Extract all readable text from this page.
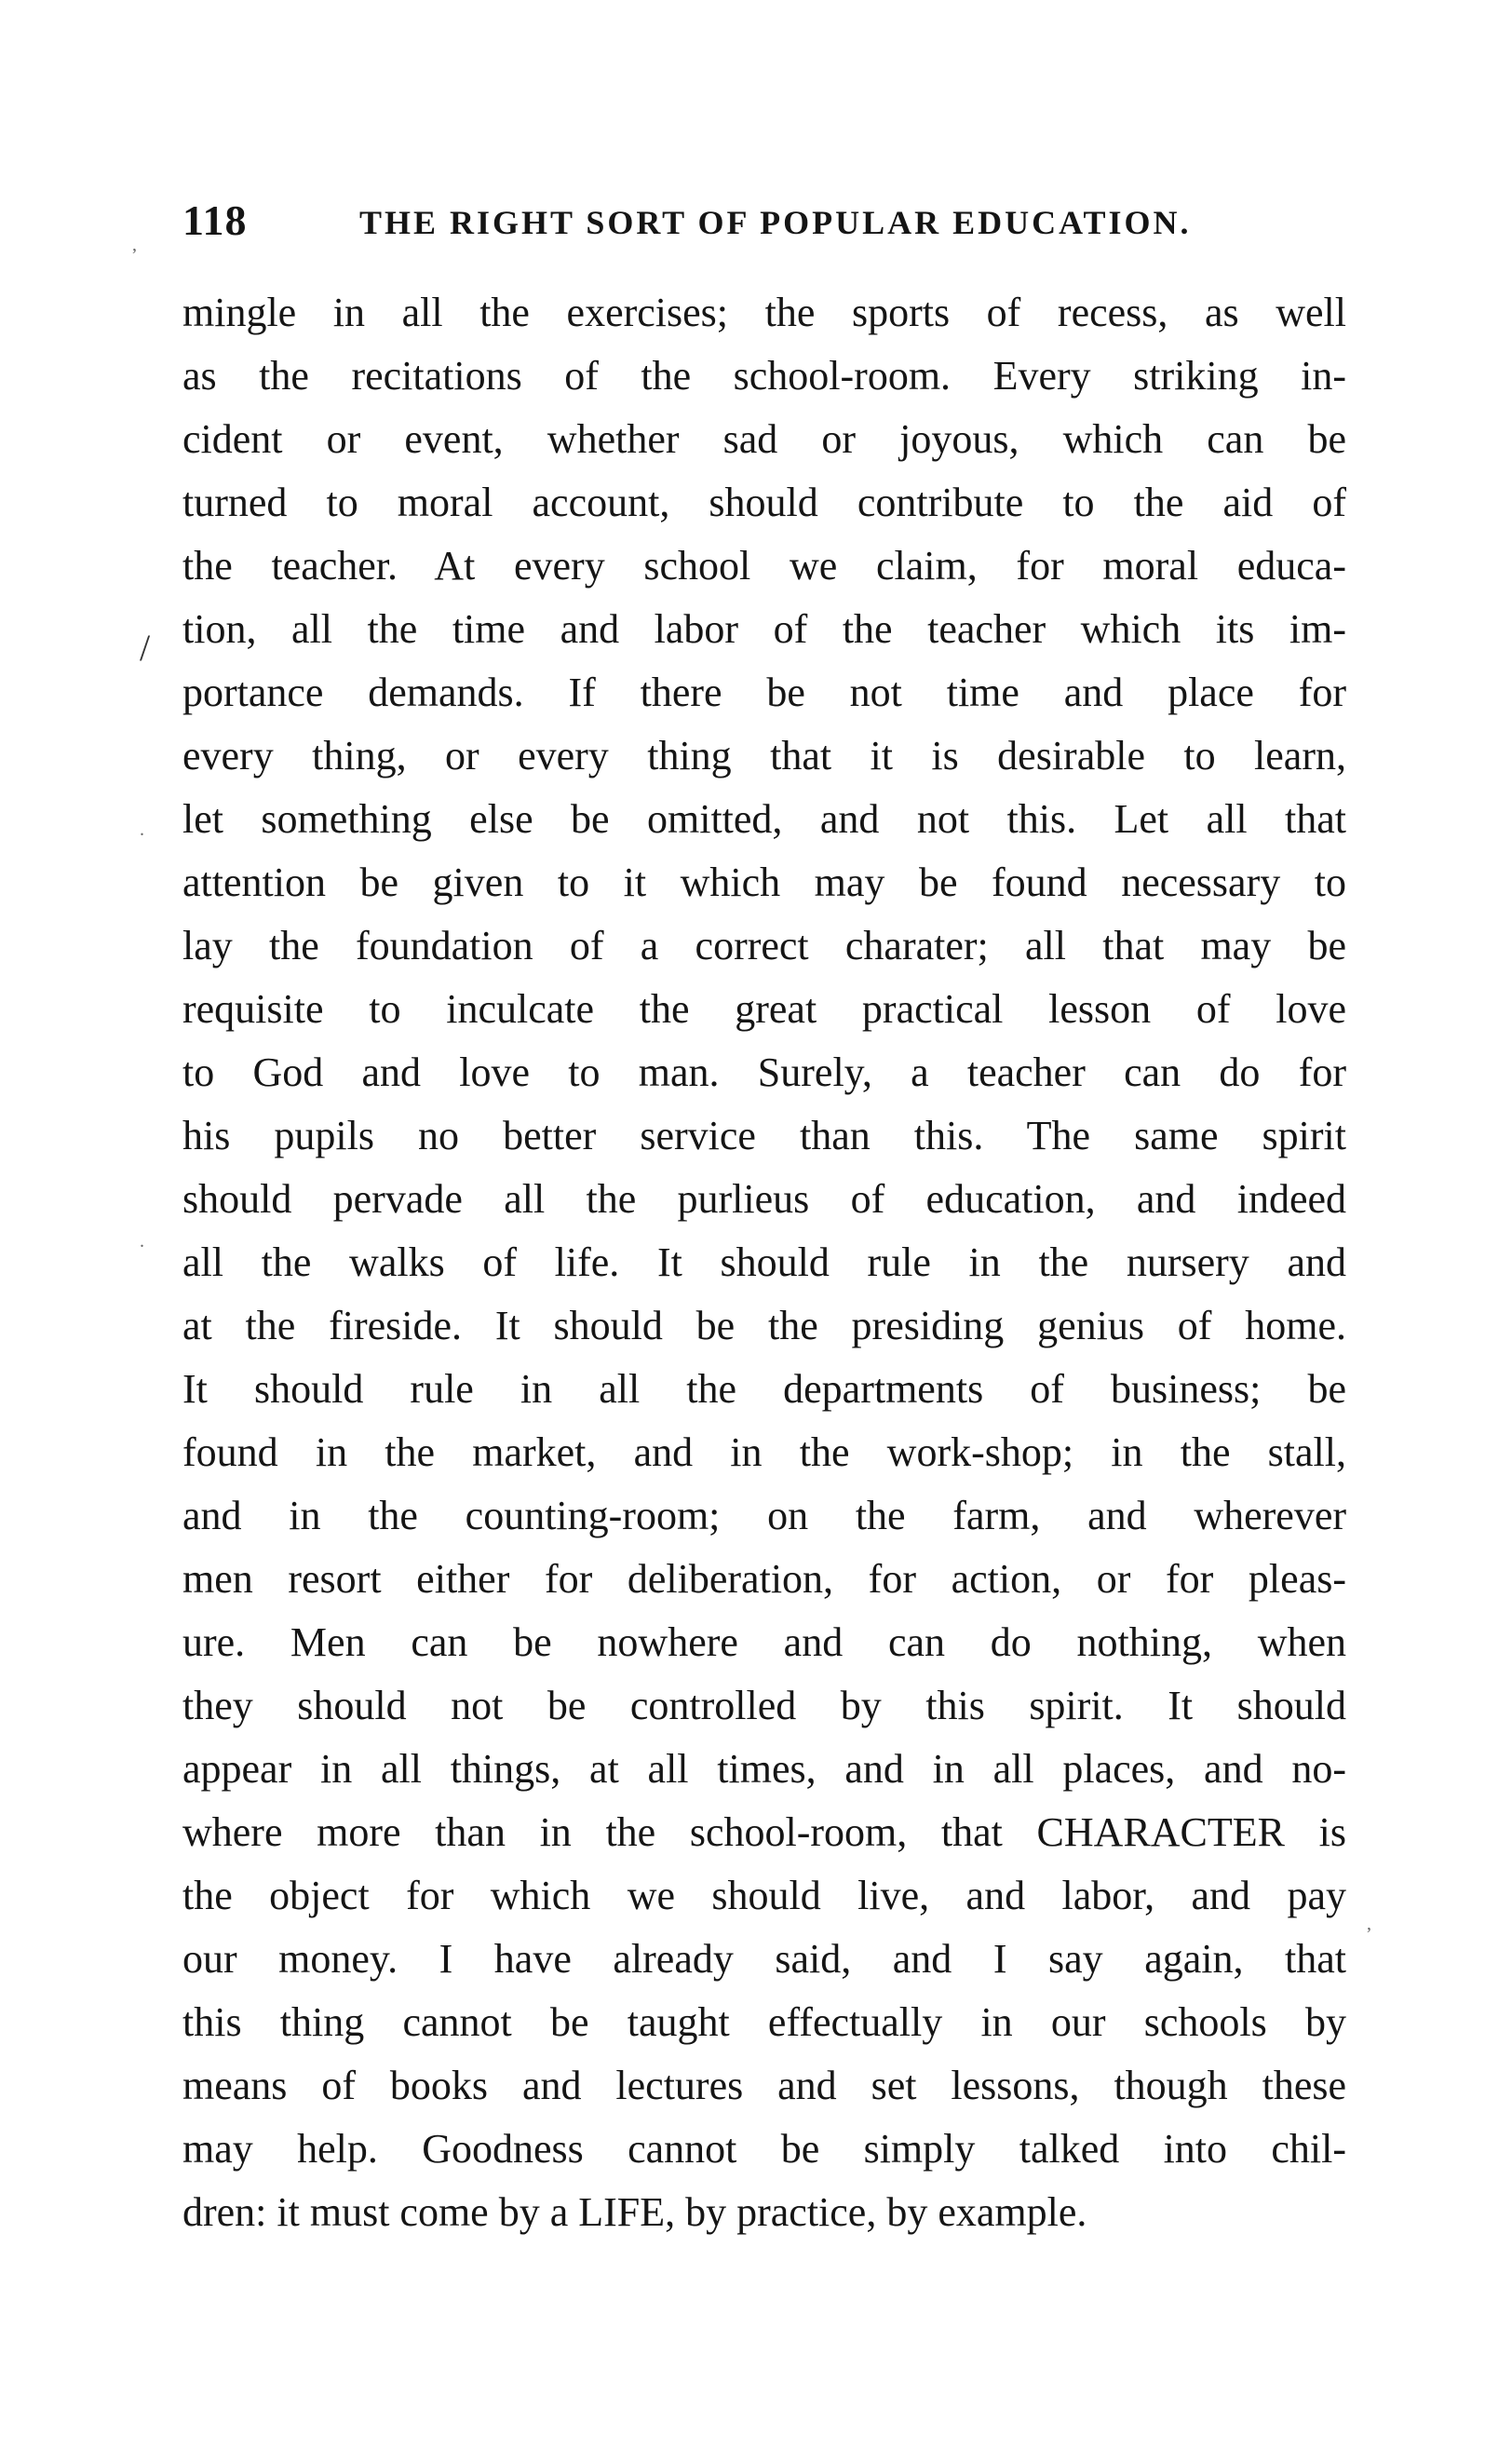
118	THE RIGHT SORT OF POPULAR EDUCATION.
/
mingle in all the exercises; the sports of recess, as well
as the recitations of the school-room. Every striking in-
cident or event, whether sad or joyous, which can be
turned to moral account, should contribute to the aid of
the teacher. At every school we claim, for moral educa-
tion, all the time and labor of the teacher which its im-
portance demands. If there be not time and place for
every thing, or every thing that it is desirable to learn,
let something else be omitted, and not this. Let all that
attention be given to it which may be found necessary to
lay the foundation of a correct charater; all that may be
requisite to inculcate the great practical lesson of love
to God and love to man. Surely, a teacher can do for
his pupils no better service than this. The same spirit
should pervade all the purlieus of education, and indeed
all the walks of life. It should rule in the nursery and
at the fireside. It should be the presiding genius of home.
It should rule in all the departments of business; be
found in the market, and in the work-shop; in the stall,
and in the counting-room; on the farm, and wherever
men resort either for deliberation, for action, or for pleas-
ure. Men can be nowhere and can do nothing, when
they should not be controlled by this spirit. It should
appear in all things, at all times, and in all places, and no-
where more than in the school-room, that CHARACTER is
the object for which we should live, and labor, and pay
our money. I have already said, and I say again, that
this thing cannot be taught effectually in our schools by
means of books and lectures and set lessons, though these
may help. Goodness cannot be simply talked into chil-
dren: it must come by a LIFE, by practice, by example.
,
.
.
,
